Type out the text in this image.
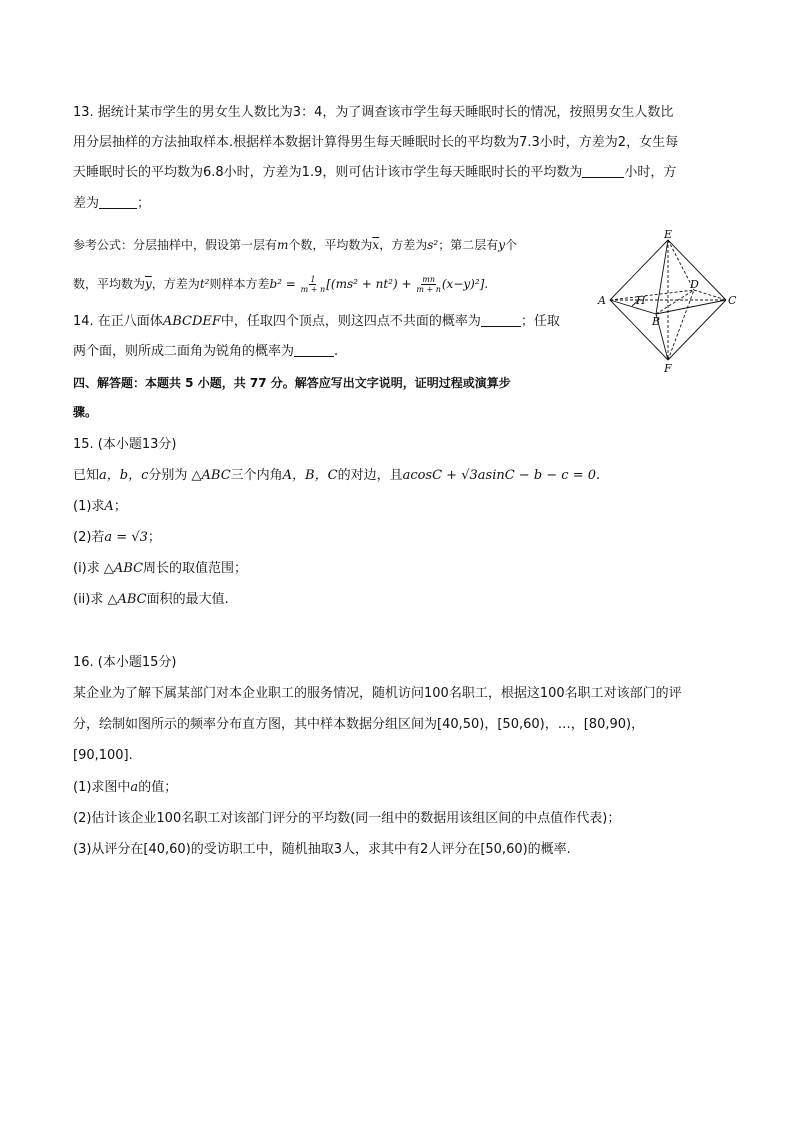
13. 据统计某市学生的男女生人数比为3：4，为了调查该市学生每天睡眠时长的情况，按照男女生人数比
用分层抽样的方法抽取样本.根据样本数据计算得男生每天睡眠时长的平均数为7.3小时，方差为2，女生每
天睡眠时长的平均数为6.8小时，方差为1.9，则可估计该市学生每天睡眠时长的平均数为	小时，方
差为	；
参考公式：分层抽样中，假设第一层有m个数，平均数为$\overline{x}$，方差为s²；第二层有y个
数，平均数为$\overline{y}$，方差为t²则样本方差$b^2 = \frac{1}{m + n} [(ms^2 + nt^2) + \frac{mn}{m + n} (x-y)^2]$.
14. 在正八面体ABCDEF中，任取四个顶点，则这四点不共面的概率为	；任取
两个面，则所成二面角为锐角的概率为	.
E
A	H
D
C
B
F
四、解答题：本题共 5 小题，共 77 分。解答应写出文字说明，证明过程或演算步
骤。
15. (本小题13分)
已知a，b，c分别为 △ABC三个内角A，B，C的对边，且acosC + √3asinC − b − c = 0.
(1)求A；
(2)若a = √3；
(i)求 △ABC周长的取值范围；
(ii)求 △ABC面积的最大值.
16. (本小题15分)
某企业为了解下属某部门对本企业职工的服务情况，随机访问100名职工，根据这100名职工对该部门的评
分，绘制如图所示的频率分布直方图，其中样本数据分组区间为[40,50)，[50,60)，…，[80,90)，
[90,100].
(1)求图中a的值；
(2)估计该企业100名职工对该部门评分的平均数(同一组中的数据用该组区间的中点值作代表)；
(3)从评分在[40,60)的受访职工中，随机抽取3人，求其中有2人评分在[50,60)的概率.
